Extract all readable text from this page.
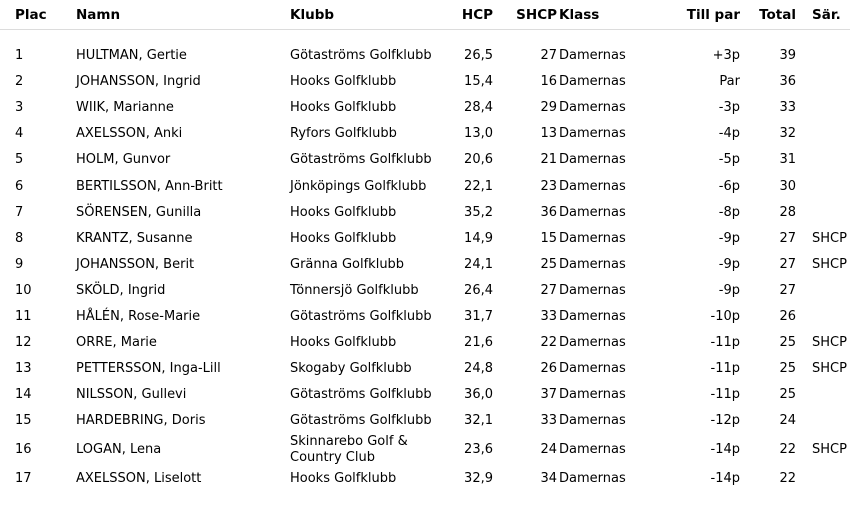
Plac	Namn	Klubb	HCP	SHCP	Klass	Till par	Total	Sär.

1	HULTMAN, Gertie	Götaströms Golfklubb	26,5	27	Damernas	+3p	39	
2	JOHANSSON, Ingrid	Hooks Golfklubb	15,4	16	Damernas	Par	36	
3	WIIK, Marianne	Hooks Golfklubb	28,4	29	Damernas	-3p	33	
4	AXELSSON, Anki	Ryfors Golfklubb	13,0	13	Damernas	-4p	32	
5	HOLM, Gunvor	Götaströms Golfklubb	20,6	21	Damernas	-5p	31	
6	BERTILSSON, Ann-Britt	Jönköpings Golfklubb	22,1	23	Damernas	-6p	30	
7	SÖRENSEN, Gunilla	Hooks Golfklubb	35,2	36	Damernas	-8p	28	
8	KRANTZ, Susanne	Hooks Golfklubb	14,9	15	Damernas	-9p	27	SHCP
9	JOHANSSON, Berit	Gränna Golfklubb	24,1	25	Damernas	-9p	27	SHCP
10	SKÖLD, Ingrid	Tönnersjö Golfklubb	26,4	27	Damernas	-9p	27	
11	HÅLÉN, Rose-Marie	Götaströms Golfklubb	31,7	33	Damernas	-10p	26	
12	ORRE, Marie	Hooks Golfklubb	21,6	22	Damernas	-11p	25	SHCP
13	PETTERSSON, Inga-Lill	Skogaby Golfklubb	24,8	26	Damernas	-11p	25	SHCP
14	NILSSON, Gullevi	Götaströms Golfklubb	36,0	37	Damernas	-11p	25	
15	HARDEBRING, Doris	Götaströms Golfklubb	32,1	33	Damernas	-12p	24	
16	LOGAN, Lena	Skinnarebo Golf & Country Club	23,6	24	Damernas	-14p	22	SHCP
17	AXELSSON, Liselott	Hooks Golfklubb	32,9	34	Damernas	-14p	22	
